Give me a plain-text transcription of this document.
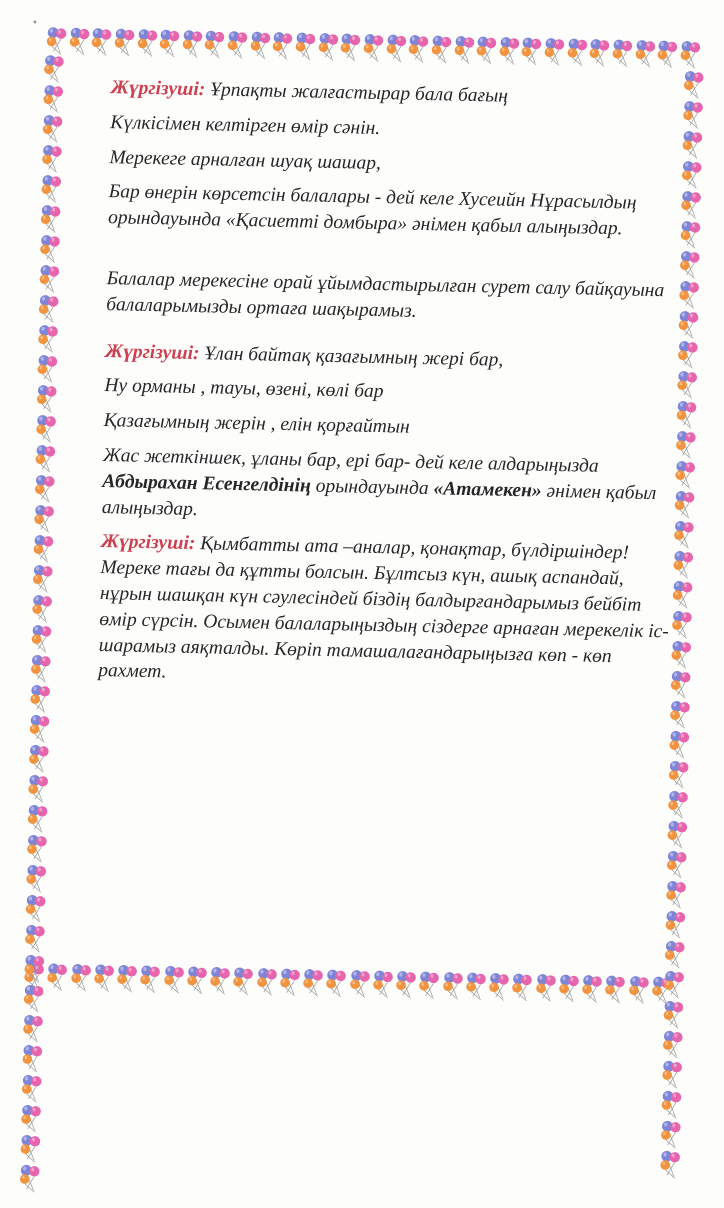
Жүргізуші: Ұрпақты жалғастырар бала бағың

Күлкісімен келтірген өмір сәнін.

Мерекеге арналған шуақ шашар,

Бар өнерін көрсетсін балалары - дей келе Хусеийн Нұрасылдың орындауында «Қасиетті домбыра» әнімен қабыл алыңыздар.

Балалар мерекесіне орай ұйымдастырылған сурет салу байқауына балаларымызды ортаға шақырамыз.

Жүргізуші: Ұлан байтақ қазағымның жері бар,

Ну орманы , тауы, өзені, көлі бар

Қазағымның жерін , елін қорғайтын

Жас жеткіншек, ұланы бар, ері бар- дей келе алдарыңызда Абдырахан Есенгелдінің орындауында «Атамекен» әнімен қабыл алыңыздар.

Жүргізуші: Қымбатты ата –аналар, қонақтар, бүлдіршіндер! Мереке тағы да құтты болсын. Бұлтсыз күн, ашық аспандай, нұрын шашқан күн сәулесіндей біздің балдырғандарымыз бейбіт өмір сүрсін. Осымен балаларыңыздың сіздерге арнаған мерекелік іс- шарамыз аяқталды. Көріп тамашалағандарыңызға көп - көп рахмет.
